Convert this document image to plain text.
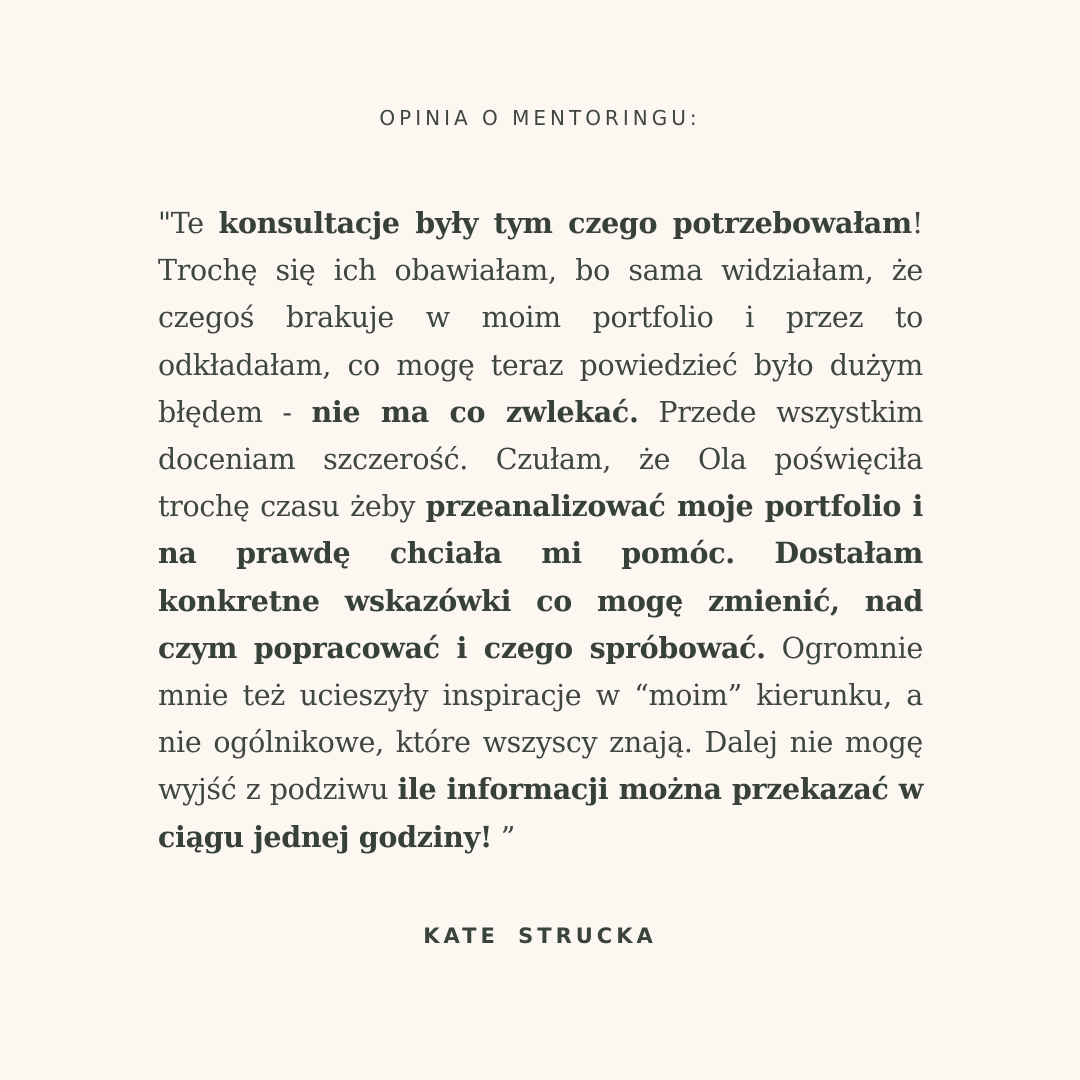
OPINIA O MENTORINGU:

"Te konsultacje były tym czego potrzebowałam! Trochę się ich obawiałam, bo sama widziałam, że czegoś brakuje w moim portfolio i przez to odkładałam, co mogę teraz powiedzieć było dużym błędem - nie ma co zwlekać. Przede wszystkim doceniam szczerość. Czułam, że Ola poświęciła trochę czasu żeby przeanalizować moje portfolio i na prawdę chciała mi pomóc. Dostałam konkretne wskazówki co mogę zmienić, nad czym popracować i czego spróbować. Ogromnie mnie też ucieszyły inspiracje w “moim” kierunku, a nie ogólnikowe, które wszyscy znają. Dalej nie mogę wyjść z podziwu ile informacji można przekazać w ciągu jednej godziny! ”

KATE STRUCKA
